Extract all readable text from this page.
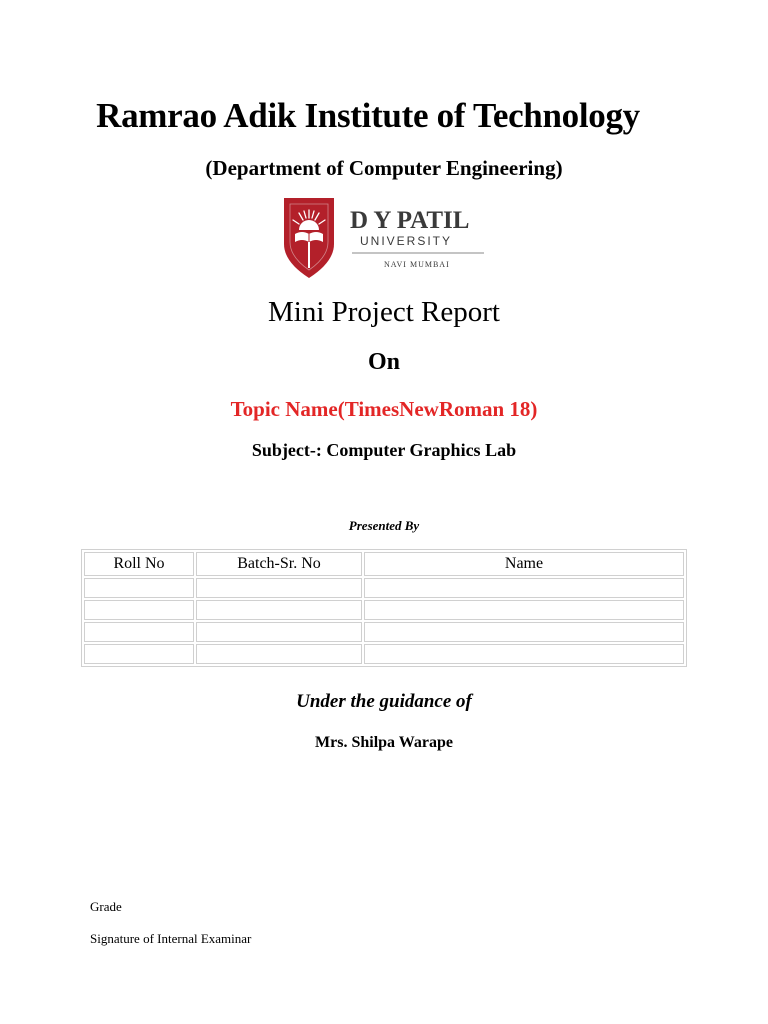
Ramrao Adik Institute of Technology
(Department of Computer Engineering)
D Y PATIL
UNIVERSITY
NAVI MUMBAI
Mini Project Report
On
Topic Name(TimesNewRoman 18)
Subject-: Computer Graphics Lab
Presented By
Roll No	Batch-Sr. No	Name

Under the guidance of
Mrs. Shilpa Warape
Grade
Signature of Internal Examinar
